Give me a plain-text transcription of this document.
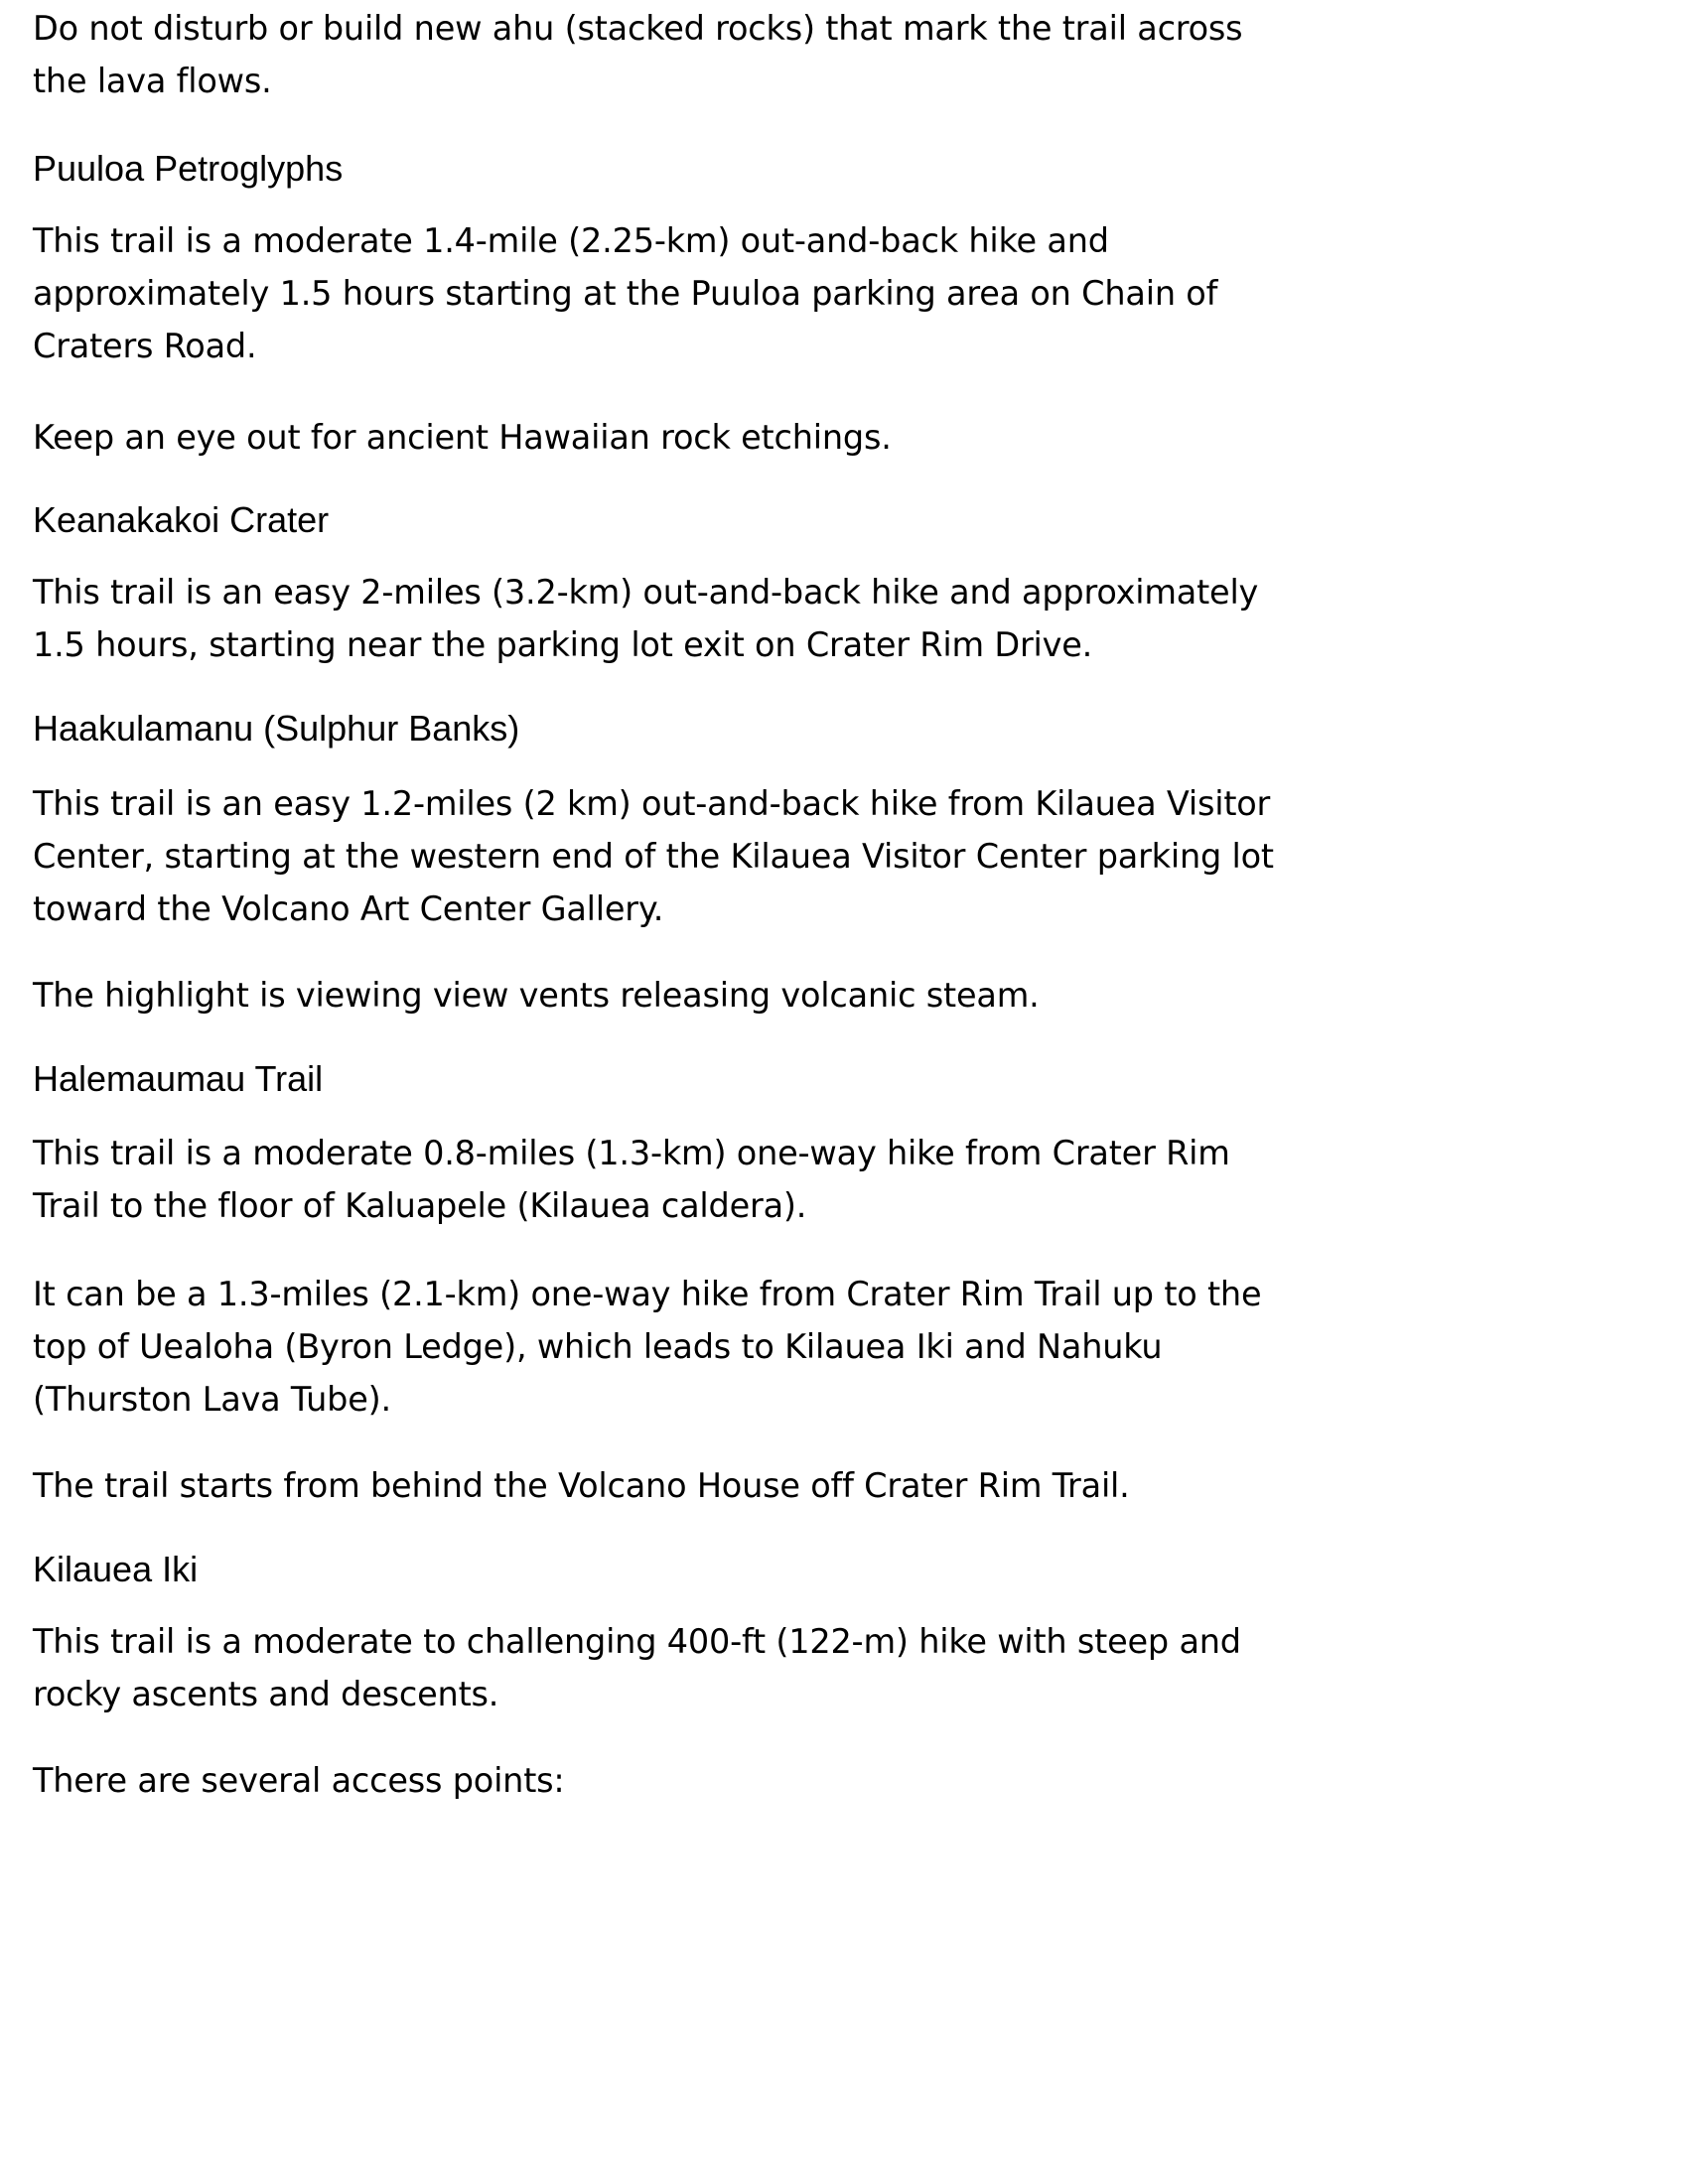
Do not disturb or build new ahu (stacked rocks) that mark the trail across
the lava flows.

Puuloa Petroglyphs

This trail is a moderate 1.4-mile (2.25-km) out-and-back hike and
approximately 1.5 hours starting at the Puuloa parking area on Chain of
Craters Road.

Keep an eye out for ancient Hawaiian rock etchings.

Keanakakoi Crater

This trail is an easy 2-miles (3.2-km) out-and-back hike and approximately
1.5 hours, starting near the parking lot exit on Crater Rim Drive.

Haakulamanu (Sulphur Banks)

This trail is an easy 1.2-miles (2 km) out-and-back hike from Kilauea Visitor
Center, starting at the western end of the Kilauea Visitor Center parking lot
toward the Volcano Art Center Gallery.

The highlight is viewing view vents releasing volcanic steam.

Halemaumau Trail

This trail is a moderate 0.8-miles (1.3-km) one-way hike from Crater Rim
Trail to the floor of Kaluapele (Kilauea caldera).

It can be a 1.3-miles (2.1-km) one-way hike from Crater Rim Trail up to the
top of Uealoha (Byron Ledge), which leads to Kilauea Iki and Nahuku
(Thurston Lava Tube).

The trail starts from behind the Volcano House off Crater Rim Trail.

Kilauea Iki

This trail is a moderate to challenging 400-ft (122-m) hike with steep and
rocky ascents and descents.

There are several access points:
